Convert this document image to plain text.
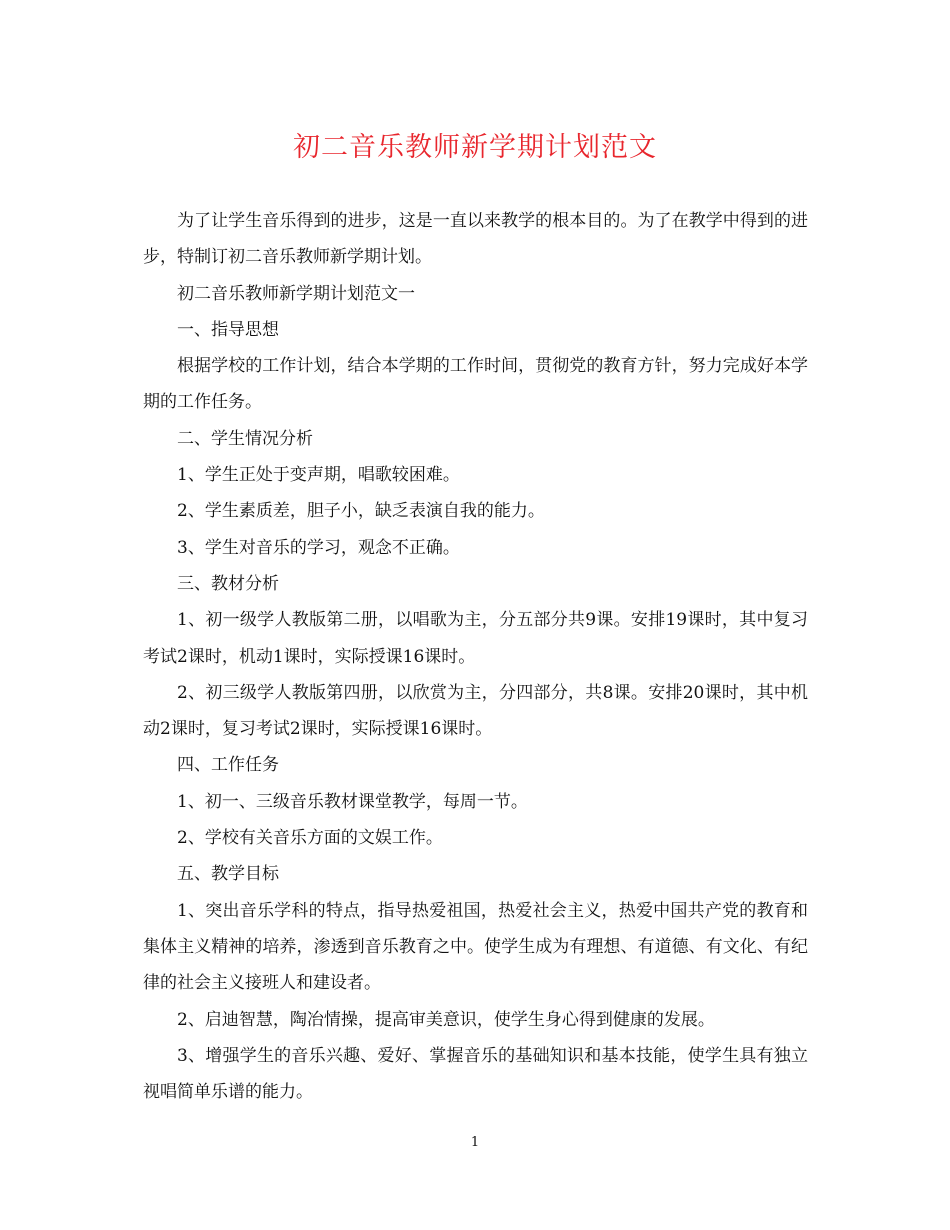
初二音乐教师新学期计划范文

为了让学生音乐得到的进步，这是一直以来教学的根本目的。为了在教学中得到的进步，特制订初二音乐教师新学期计划。

初二音乐教师新学期计划范文一

一、指导思想

根据学校的工作计划，结合本学期的工作时间，贯彻党的教育方针，努力完成好本学期的工作任务。

二、学生情况分析

1、学生正处于变声期，唱歌较困难。

2、学生素质差，胆子小，缺乏表演自我的能力。

3、学生对音乐的学习，观念不正确。

三、教材分析

1、初一级学人教版第二册，以唱歌为主，分五部分共9课。安排19课时，其中复习考试2课时，机动1课时，实际授课16课时。

2、初三级学人教版第四册，以欣赏为主，分四部分，共8课。安排20课时，其中机动2课时，复习考试2课时，实际授课16课时。

四、工作任务

1、初一、三级音乐教材课堂教学，每周一节。

2、学校有关音乐方面的文娱工作。

五、教学目标

1、突出音乐学科的特点，指导热爱祖国，热爱社会主义，热爱中国共产党的教育和集体主义精神的培养，渗透到音乐教育之中。使学生成为有理想、有道德、有文化、有纪律的社会主义接班人和建设者。

2、启迪智慧，陶冶情操，提高审美意识，使学生身心得到健康的发展。

3、增强学生的音乐兴趣、爱好、掌握音乐的基础知识和基本技能，使学生具有独立视唱简单乐谱的能力。

1
